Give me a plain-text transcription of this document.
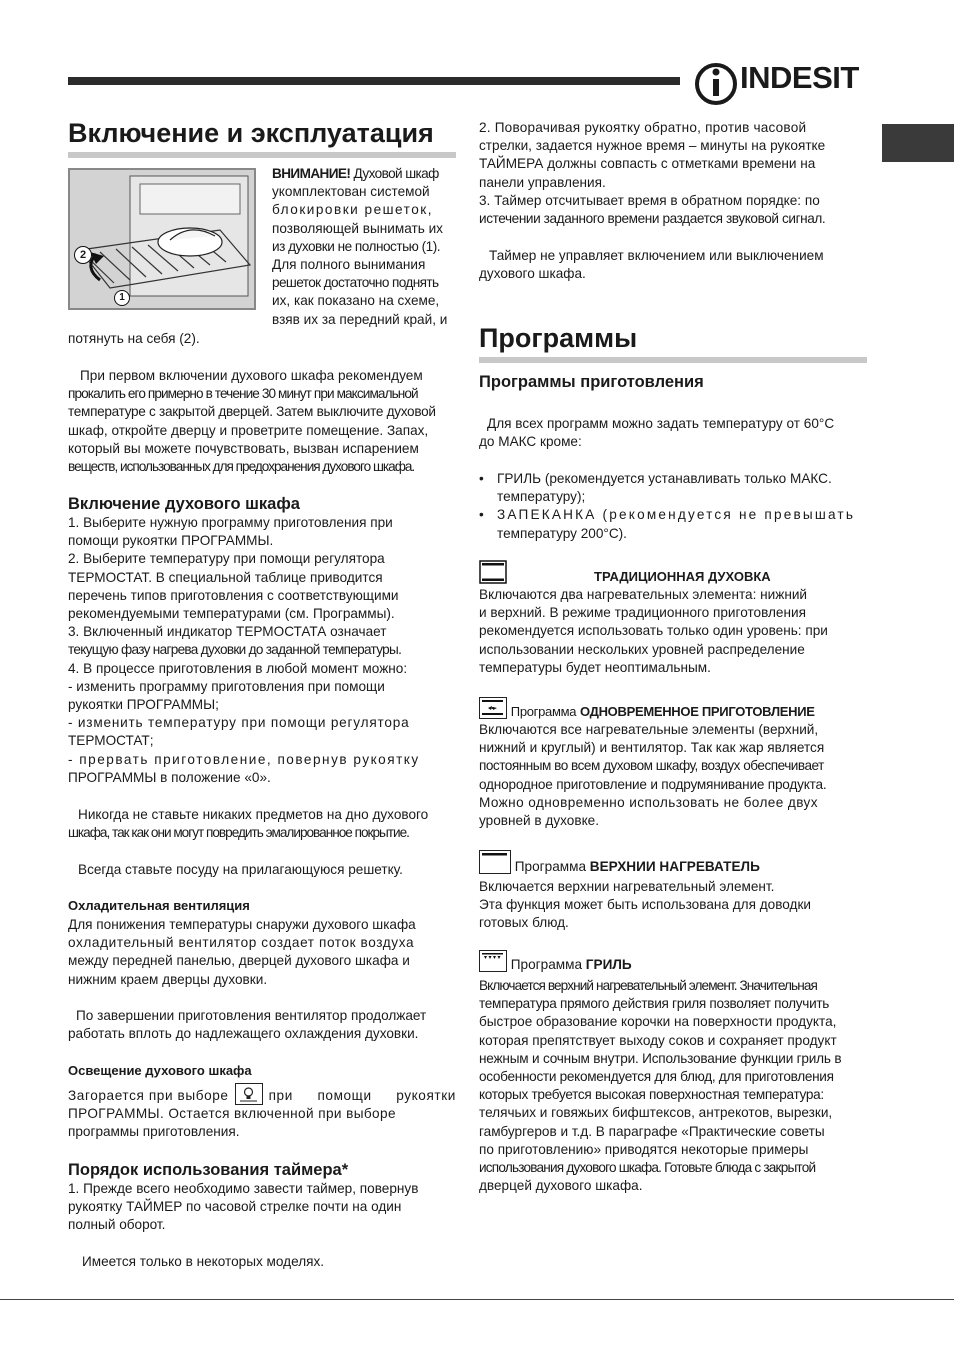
INDESIT
Включение и эксплуатация
2
1
ВНИМАНИЕ! Духовой шкаф
укомплектован системой
блокировки решеток,
позволяющей вынимать их
из духовки не полностью (1).
Для полного вынимания
решеток достаточно поднять
их, как показано на схеме,
взяв их за передний край, и
потянуть на себя (2).
При первом включении духового шкафа рекомендуем
прокалить его примерно в течение 30 минут при максимальной
температуре с закрытой дверцей. Затем выключите духовой
шкаф, откройте дверцу и проветрите помещение. Запах,
который вы можете почувствовать, вызван испарением
веществ, использованных для предохранения духового шкафа.
Включение духового шкафа
1. Выберите нужную программу приготовления при
помощи рукоятки ПРОГРАММЫ.
2. Выберите температуру при помощи регулятора
ТЕРМОСТАТ. В специальной таблице приводится
перечень типов приготовления с соответствующими
рекомендуемыми температурами (см. Программы).
3. Включенный индикатор ТЕРМОСТАТА означает
текущую фазу нагрева духовки до заданной температуры.
4. В процессе приготовления в любой момент можно:
- изменить программу приготовления при помощи
рукоятки ПРОГРАММЫ;
- изменить температуру при помощи регулятора
ТЕРМОСТАТ;
- прервать приготовление, повернув рукоятку
ПРОГРАММЫ в положение «0».
Никогда не ставьте никаких предметов на дно духового
шкафа, так как они могут повредить эмалированное покрытие.
Всегда ставьте посуду на прилагающуюся решетку.
Охладительная вентиляция
Для понижения температуры снаружи духового шкафа
охладительный вентилятор создает поток воздуха
между передней панелью, дверцей духового шкафа и
нижним краем дверцы духовки.
По завершении приготовления вентилятор продолжает
работать вплоть до надлежащего охлаждения духовки.
Освещение духового шкафа
Загорается при выборе	при помощи рукоятки
ПРОГРАММЫ. Остается включенной при выборе
программы приготовления.
Порядок использования таймера*
1. Прежде всего необходимо завести таймер, повернув
рукоятку ТАЙМЕР по часовой стрелке почти на один
полный оборот.
Имеется только в некоторых моделях.
2. Поворачивая рукоятку обратно, против часовой
стрелки, задается нужное время – минуты на рукоятке
ТАЙМЕРА должны совпасть с отметками времени на
панели управления.
3. Таймер отсчитывает время в обратном порядке: по
истечении заданного времени раздается звуковой сигнал.
Таймер не управляет включением или выключением
духового шкафа.
Программы
Программы приготовления
Для всех программ можно задать температуру от 60°С
до МАКС кроме:
• ГРИЛЬ (рекомендуется устанавливать только МАКС.
температуру);
• ЗАПЕКАНКА (рекомендуется не превышать
температуру 200°С).
ТРАДИЦИОННАЯ ДУХОВКА
Включаются два нагревательных элемента: нижний
и верхний. В режиме традиционного приготовления
рекомендуется использовать только один уровень: при
использовании нескольких уровней распределение
температуры будет неоптимальным.
Программа ОДНОВРЕМЕННОЕ ПРИГОТОВЛЕНИЕ
Включаются все нагревательные элементы (верхний,
нижний и круглый) и вентилятор. Так как жар является
постоянным во всем духовом шкафу, воздух обеспечивает
однородное приготовление и подрумянивание продукта.
Можно одновременно использовать не более двух
уровней в духовке.
Программа ВЕРХНИИ НАГРЕВАТЕЛЬ
Включается верхнии нагревательный элемент.
Эта функция может быть использована для доводки
готовых блюд.
Программа ГРИЛЬ
Включается верхний нагревательный элемент. Значительная
температура прямого действия гриля позволяет получить
быстрое образование корочки на поверхности продукта,
которая препятствует выходу соков и сохраняет продукт
нежным и сочным внутри. Использование функции гриль в
особенности рекомендуется для блюд, для приготовления
которых требуется высокая поверхностная температура:
телячьих и говяжьих бифштексов, антрекотов, вырезки,
гамбургеров и т.д. В параграфе «Практические советы
по приготовлению» приводятся некоторые примеры
использования духового шкафа. Готовьте блюда с закрытой
дверцей духового шкафа.
